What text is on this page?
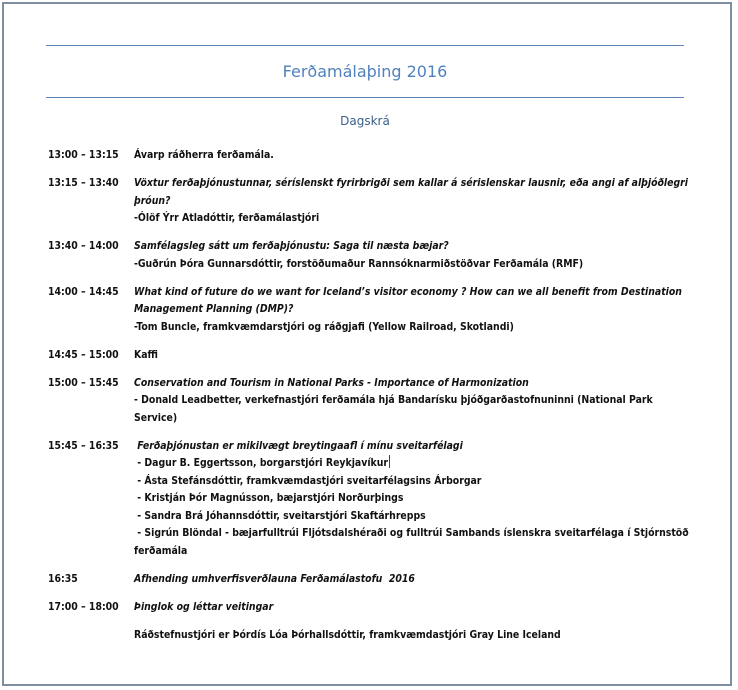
Ferðamálaþing 2016
Dagskrá
13:00 – 13:15	Ávarp ráðherra ferðamála.
13:15 – 13:40	Vöxtur ferðaþjónustunnar, séríslenskt fyrirbrigði sem kallar á sérislenskar lausnir, eða angi af alþjóðlegri þróun?
-Ólöf Ýrr Atladóttir, ferðamálastjóri
13:40 – 14:00	Samfélagsleg sátt um ferðaþjónustu: Saga til næsta bæjar?
-Guðrún Þóra Gunnarsdóttir, forstöðumaður Rannsóknarmiðstöðvar Ferðamála (RMF)
14:00 – 14:45	What kind of future do we want for Iceland’s visitor economy ? How can we all benefit from Destination Management Planning (DMP)?
-Tom Buncle, framkvæmdarstjóri og ráðgjafi (Yellow Railroad, Skotlandi)
14:45 – 15:00	Kaffi
15:00 – 15:45	Conservation and Tourism in National Parks - Importance of Harmonization
- Donald Leadbetter, verkefnastjóri ferðamála hjá Bandarísku þjóðgarðastofnuninni (National Park Service)
15:45 – 16:35	Ferðaþjónustan er mikilvægt breytingaafl í mínu sveitarfélagi
- Dagur B. Eggertsson, borgarstjóri Reykjavíkur
- Ásta Stefánsdóttir, framkvæmdastjóri sveitarfélagsins Árborgar
- Kristján Þór Magnússon, bæjarstjóri Norðurþings
- Sandra Brá Jóhannsdóttir, sveitarstjóri Skaftárhrepps
- Sigrún Blöndal - bæjarfulltrúi Fljótsdalshéraði og fulltrúi Sambands íslenskra sveitarfélaga í Stjórnstöð ferðamála
16:35	Afhending umhverfisverðlauna Ferðamálastofu  2016
17:00 – 18:00	Þinglok og léttar veitingar
Ráðstefnustjóri er Þórdís Lóa Þórhallsdóttir, framkvæmdastjóri Gray Line Iceland
